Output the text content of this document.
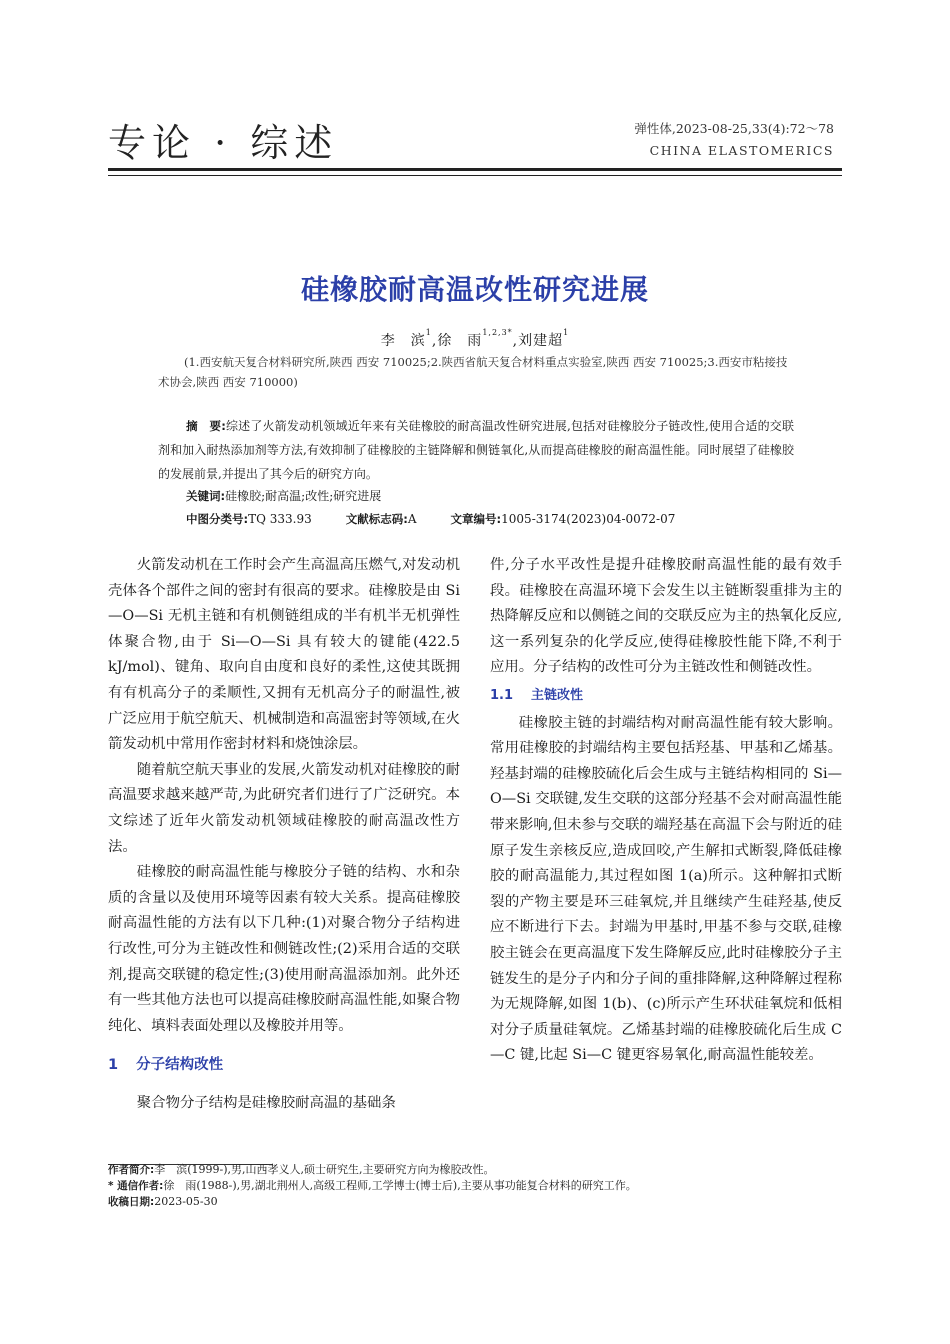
专论 · 综述	弹性体,2023-08-25,33(4):72～78
CHINA ELASTOMERICS
硅橡胶耐高温改性研究进展
李　滨$^1$,徐　雨$^{1,2,3*}$,刘建超$^1$
(1.西安航天复合材料研究所,陕西 西安 710025;2.陕西省航天复合材料重点实验室,陕西 西安 710025;3.西安市粘接技术协会,陕西 西安 710000)
摘　要:综述了火箭发动机领域近年来有关硅橡胶的耐高温改性研究进展,包括对硅橡胶分子链改性,使用合适的交联剂和加入耐热添加剂等方法,有效抑制了硅橡胶的主链降解和侧链氧化,从而提高硅橡胶的耐高温性能。同时展望了硅橡胶的发展前景,并提出了其今后的研究方向。
关键词:硅橡胶;耐高温;改性;研究进展
中图分类号:TQ 333.93	文献标志码:A	文章编号:1005-3174(2023)04-0072-07

火箭发动机在工作时会产生高温高压燃气,对发动机壳体各个部件之间的密封有很高的要求。硅橡胶是由 Si—O—Si 无机主链和有机侧链组成的半有机半无机弹性体聚合物,由于 Si—O—Si 具有较大的键能(422.5 kJ/mol)、键角、取向自由度和良好的柔性,这使其既拥有有机高分子的柔顺性,又拥有无机高分子的耐温性,被广泛应用于航空航天、机械制造和高温密封等领域,在火箭发动机中常用作密封材料和烧蚀涂层。

随着航空航天事业的发展,火箭发动机对硅橡胶的耐高温要求越来越严苛,为此研究者们进行了广泛研究。本文综述了近年火箭发动机领域硅橡胶的耐高温改性方法。

硅橡胶的耐高温性能与橡胶分子链的结构、水和杂质的含量以及使用环境等因素有较大关系。提高硅橡胶耐高温性能的方法有以下几种:(1)对聚合物分子结构进行改性,可分为主链改性和侧链改性;(2)采用合适的交联剂,提高交联键的稳定性;(3)使用耐高温添加剂。此外还有一些其他方法也可以提高硅橡胶耐高温性能,如聚合物纯化、填料表面处理以及橡胶并用等。

1 分子结构改性

聚合物分子结构是硅橡胶耐高温的基础条

件,分子水平改性是提升硅橡胶耐高温性能的最有效手段。硅橡胶在高温环境下会发生以主链断裂重排为主的热降解反应和以侧链之间的交联反应为主的热氧化反应,这一系列复杂的化学反应,使得硅橡胶性能下降,不利于应用。分子结构的改性可分为主链改性和侧链改性。

1.1 主链改性

硅橡胶主链的封端结构对耐高温性能有较大影响。常用硅橡胶的封端结构主要包括羟基、甲基和乙烯基。羟基封端的硅橡胶硫化后会生成与主链结构相同的 Si—O—Si 交联键,发生交联的这部分羟基不会对耐高温性能带来影响,但未参与交联的端羟基在高温下会与附近的硅原子发生亲核反应,造成回咬,产生解扣式断裂,降低硅橡胶的耐高温能力,其过程如图 1(a)所示。这种解扣式断裂的产物主要是环三硅氧烷,并且继续产生硅羟基,使反应不断进行下去。封端为甲基时,甲基不参与交联,硅橡胶主链会在更高温度下发生降解反应,此时硅橡胶分子主链发生的是分子内和分子间的重排降解,这种降解过程称为无规降解,如图 1(b)、(c)所示产生环状硅氧烷和低相对分子质量硅氧烷。乙烯基封端的硅橡胶硫化后生成 C—C 键,比起 Si—C 键更容易氧化,耐高温性能较差。

作者简介:李　滨(1999-),男,山西孝义人,硕士研究生,主要研究方向为橡胶改性。
* 通信作者:徐　雨(1988-),男,湖北荆州人,高级工程师,工学博士(博士后),主要从事功能复合材料的研究工作。
收稿日期:2023-05-30
